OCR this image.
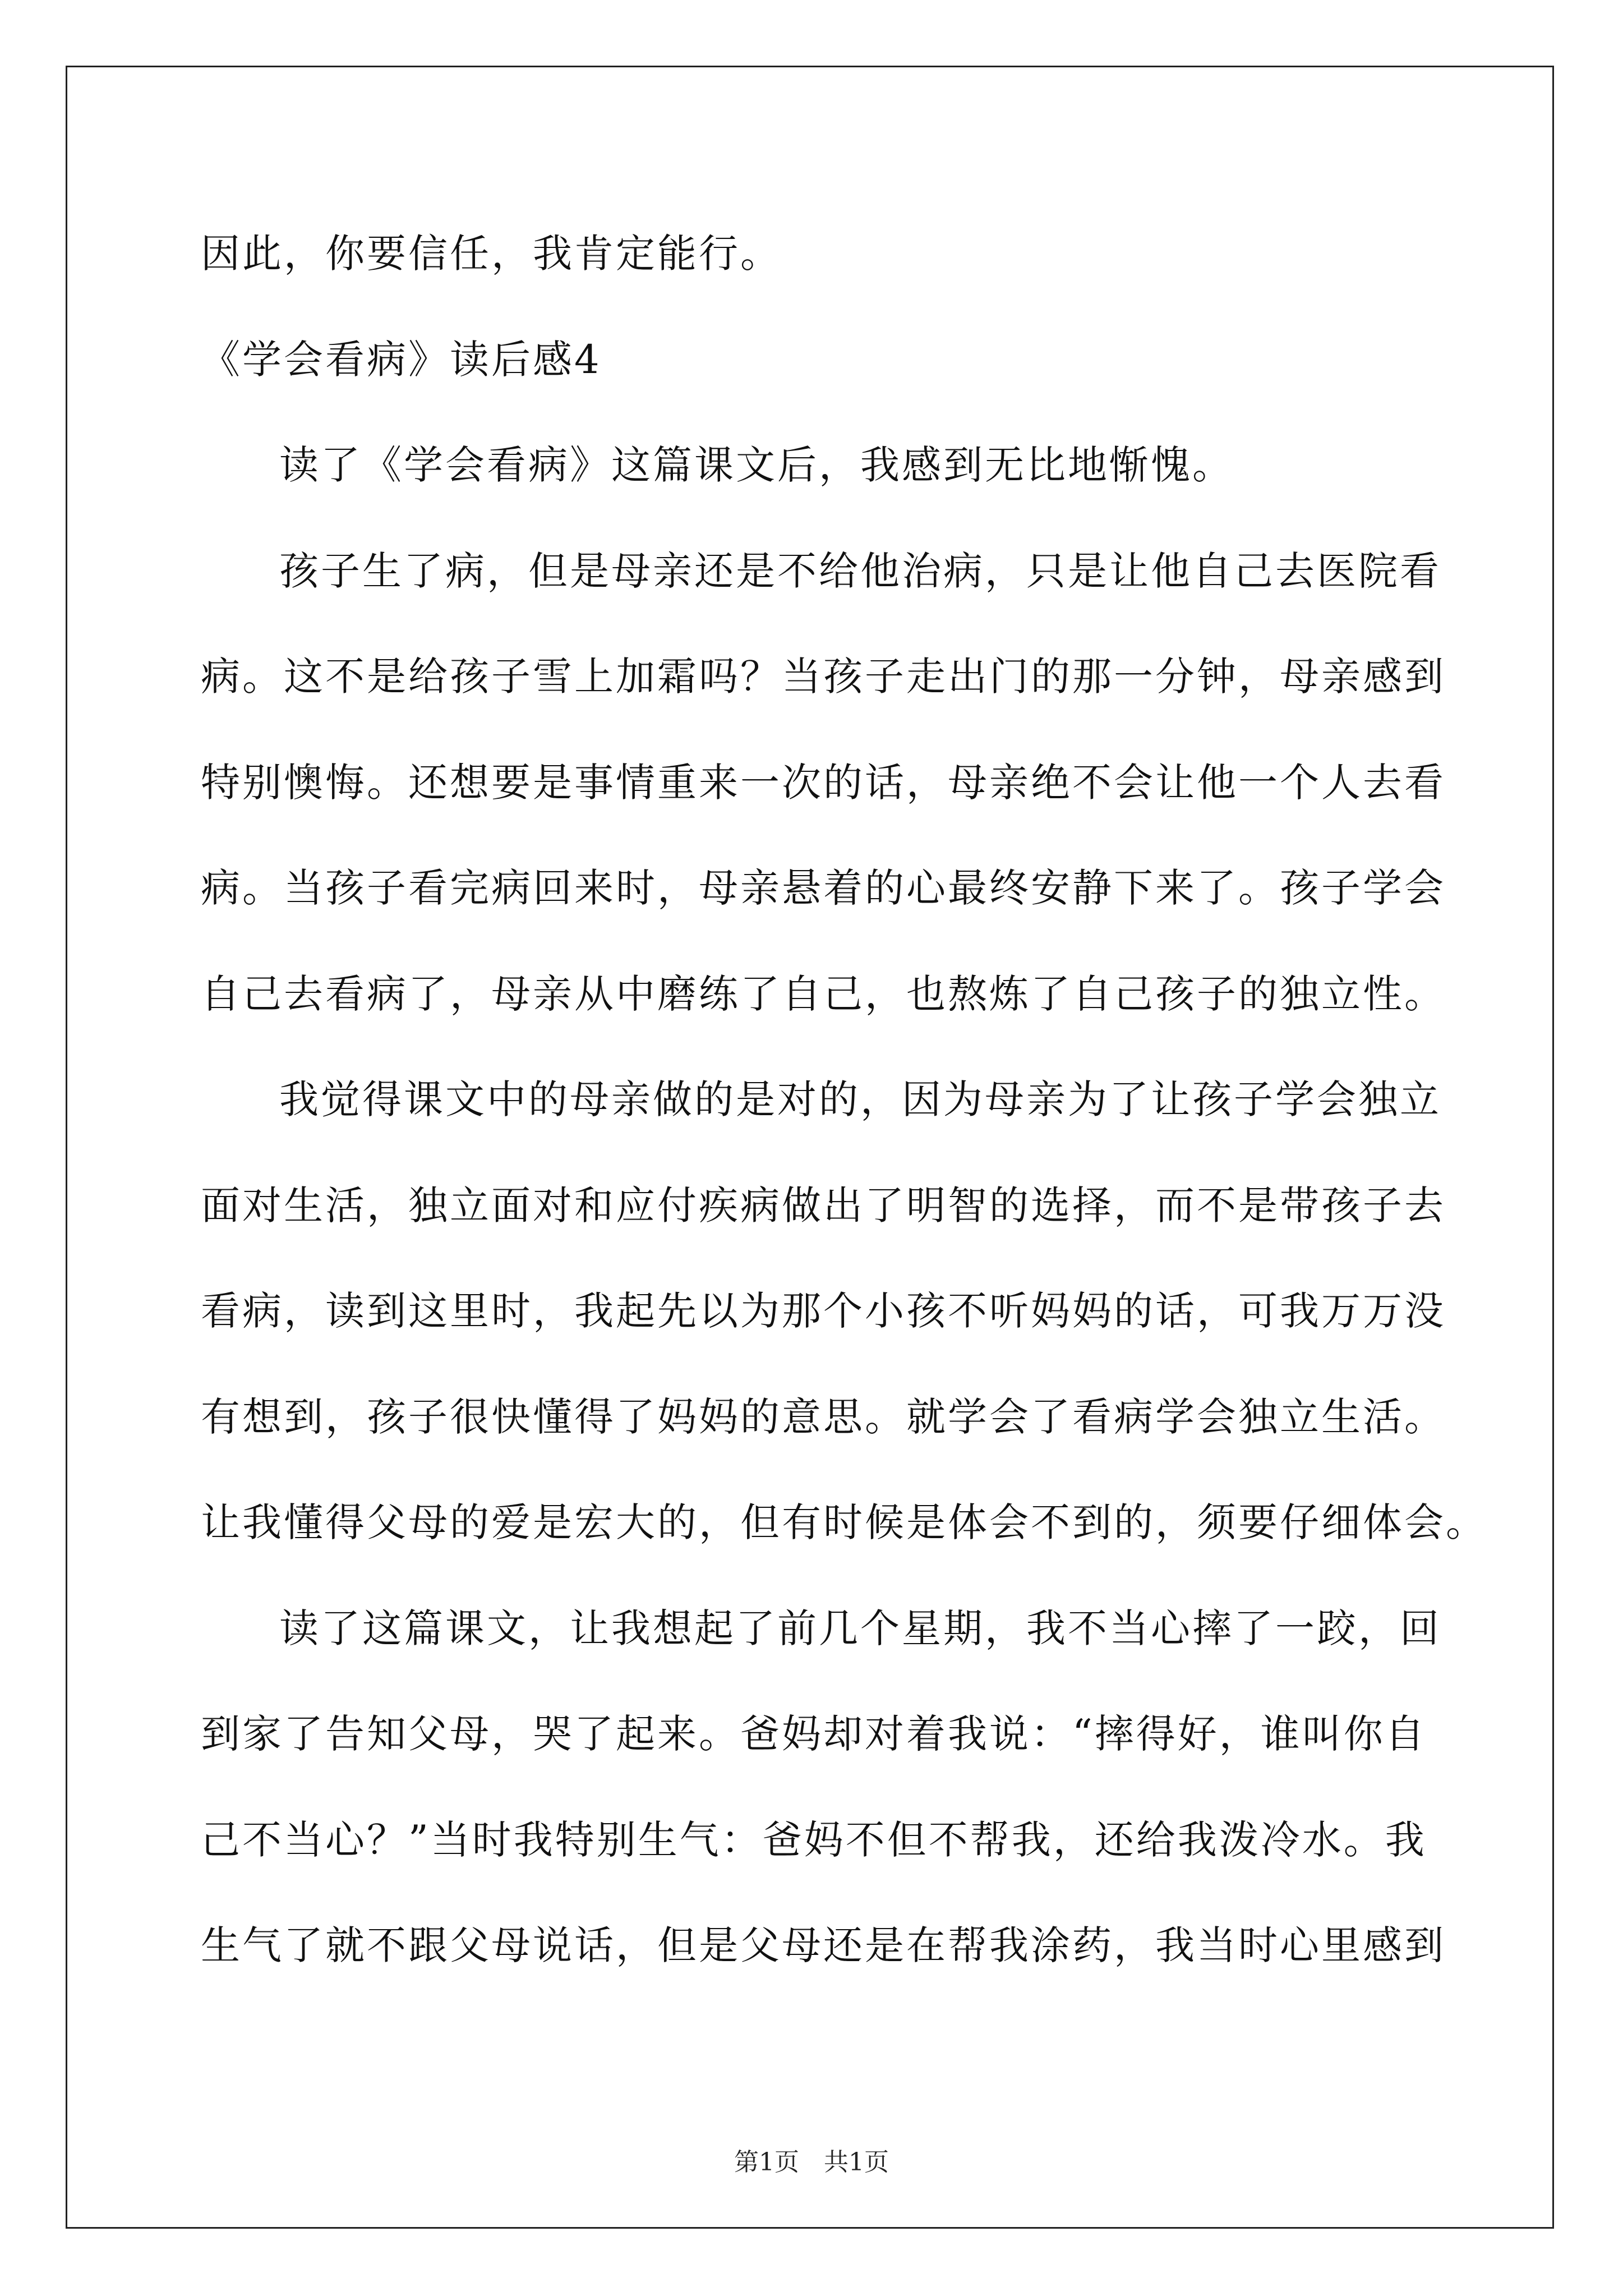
因此，你要信任，我肯定能行。
《学会看病》读后感4
读了《学会看病》这篇课文后，我感到无比地惭愧。
孩子生了病，但是母亲还是不给他治病，只是让他自己去医院看
病。这不是给孩子雪上加霜吗？当孩子走出门的那一分钟，母亲感到
特别懊悔。还想要是事情重来一次的话，母亲绝不会让他一个人去看
病。当孩子看完病回来时，母亲悬着的心最终安静下来了。孩子学会
自己去看病了，母亲从中磨练了自己，也熬炼了自己孩子的独立性。
我觉得课文中的母亲做的是对的，因为母亲为了让孩子学会独立
面对生活，独立面对和应付疾病做出了明智的选择，而不是带孩子去
看病，读到这里时，我起先以为那个小孩不听妈妈的话，可我万万没
有想到，孩子很快懂得了妈妈的意思。就学会了看病学会独立生活。
让我懂得父母的爱是宏大的，但有时候是体会不到的，须要仔细体会。
读了这篇课文，让我想起了前几个星期，我不当心摔了一跤，回
到家了告知父母，哭了起来。爸妈却对着我说：“摔得好，谁叫你自
己不当心？”当时我特别生气：爸妈不但不帮我，还给我泼冷水。我
生气了就不跟父母说话，但是父母还是在帮我涂药，我当时心里感到
第1页　共1页
